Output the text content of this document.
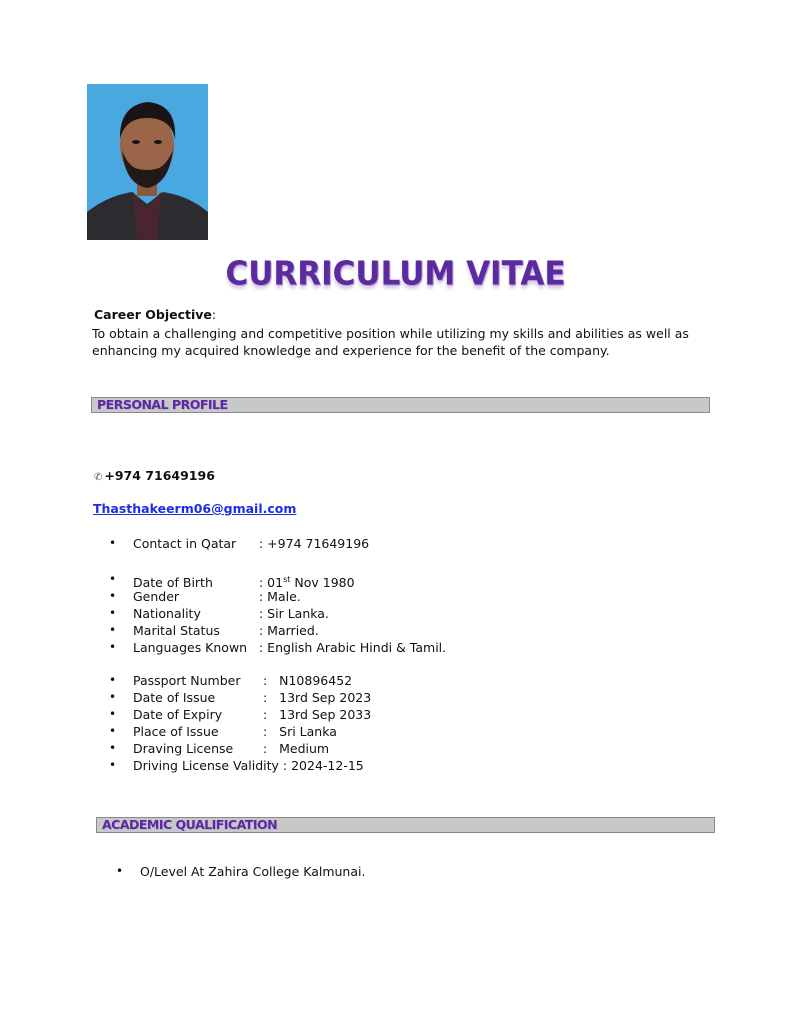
CURRICULUM VITAE
Career Objective:
To obtain a challenging and competitive position while utilizing my skills and abilities as well as enhancing my acquired knowledge and experience for the benefit of the company.
PERSONAL PROFILE
✆ +974 71649196
Thasthakeerm06@gmail.com
• Contact in Qatar : +974 71649196
• Date of Birth	: 01st Nov 1980
• Gender	: Male.
• Nationality	: Sir Lanka.
• Marital Status	: Married.
• Languages Known : English Arabic Hindi & Tamil.
• Passport Number :   N10896452
• Date of Issue	:   13rd Sep 2023
• Date of Expiry	:   13rd Sep 2033
• Place of Issue	:   Sri Lanka
• Draving License :   Medium
• Driving License Validity : 2024-12-15
ACADEMIC QUALIFICATION
• O/Level At Zahira College Kalmunai.
